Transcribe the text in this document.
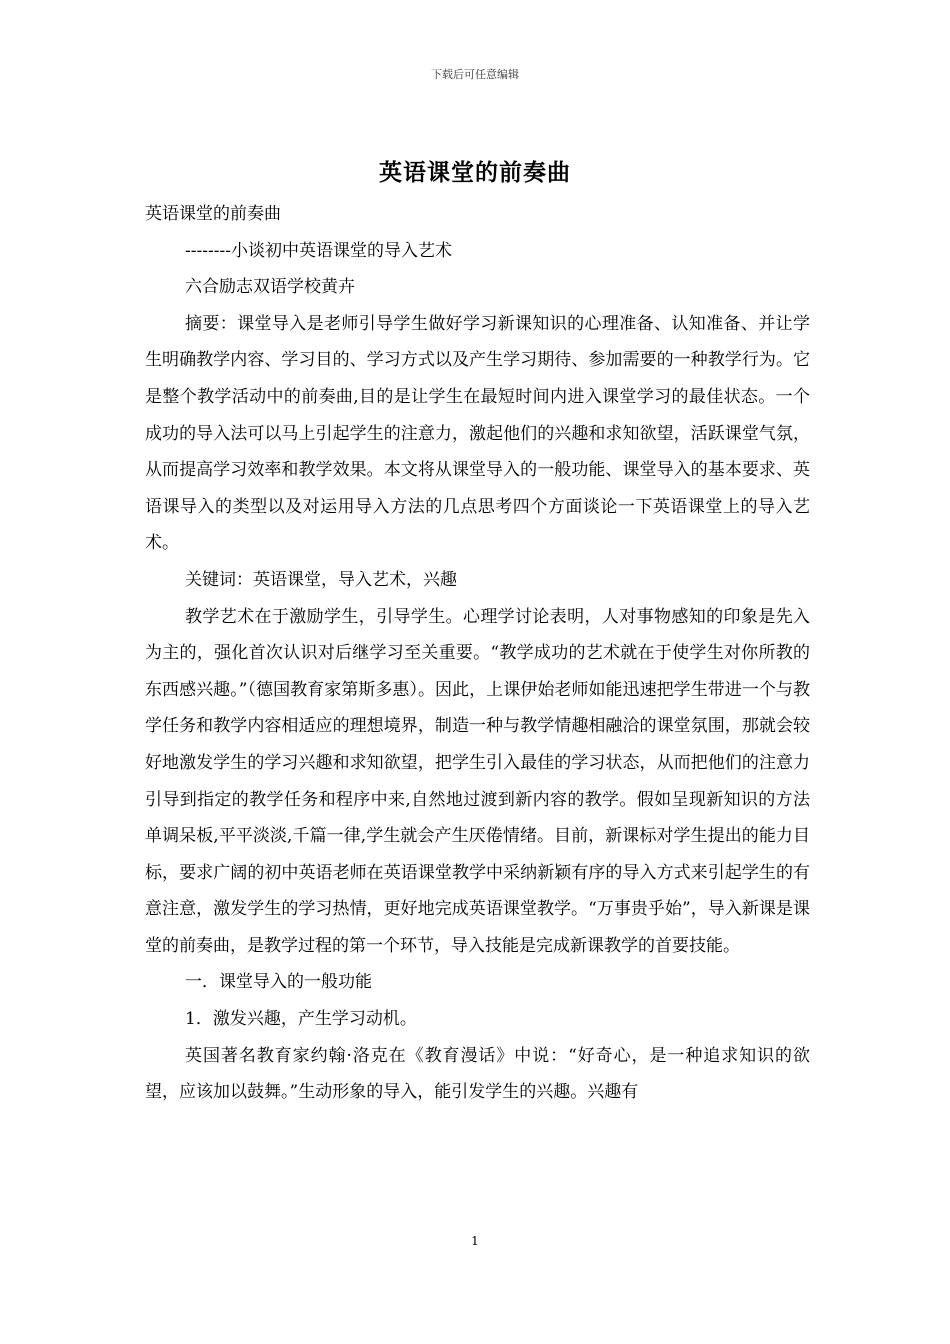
下载后可任意编辑
英语课堂的前奏曲

英语课堂的前奏曲

--------小谈初中英语课堂的导入艺术

六合励志双语学校黄卉

摘要：课堂导入是老师引导学生做好学习新课知识的心理准备、认知准备、并让学生明确教学内容、学习目的、学习方式以及产生学习期待、参加需要的一种教学行为。它是整个教学活动中的前奏曲,目的是让学生在最短时间内进入课堂学习的最佳状态。一个成功的导入法可以马上引起学生的注意力，激起他们的兴趣和求知欲望，活跃课堂气氛，从而提高学习效率和教学效果。本文将从课堂导入的一般功能、课堂导入的基本要求、英语课导入的类型以及对运用导入方法的几点思考四个方面谈论一下英语课堂上的导入艺术。

关键词：英语课堂，导入艺术，兴趣

教学艺术在于激励学生，引导学生。心理学讨论表明，人对事物感知的印象是先入为主的，强化首次认识对后继学习至关重要。“教学成功的艺术就在于使学生对你所教的东西感兴趣。”（德国教育家第斯多惠）。因此，上课伊始老师如能迅速把学生带进一个与教学任务和教学内容相适应的理想境界，制造一种与教学情趣相融洽的课堂氛围，那就会较好地激发学生的学习兴趣和求知欲望，把学生引入最佳的学习状态，从而把他们的注意力引导到指定的教学任务和程序中来,自然地过渡到新内容的教学。假如呈现新知识的方法单调呆板,平平淡淡,千篇一律,学生就会产生厌倦情绪。目前，新课标对学生提出的能力目标，要求广阔的初中英语老师在英语课堂教学中采纳新颖有序的导入方式来引起学生的有意注意，激发学生的学习热情，更好地完成英语课堂教学。“万事贵乎始”，导入新课是课堂的前奏曲，是教学过程的第一个环节，导入技能是完成新课教学的首要技能。

一．课堂导入的一般功能

1．激发兴趣，产生学习动机。

英国著名教育家约翰·洛克在《教育漫话》中说：“好奇心，是一种追求知识的欲望，应该加以鼓舞。”生动形象的导入，能引发学生的兴趣。兴趣有

1
